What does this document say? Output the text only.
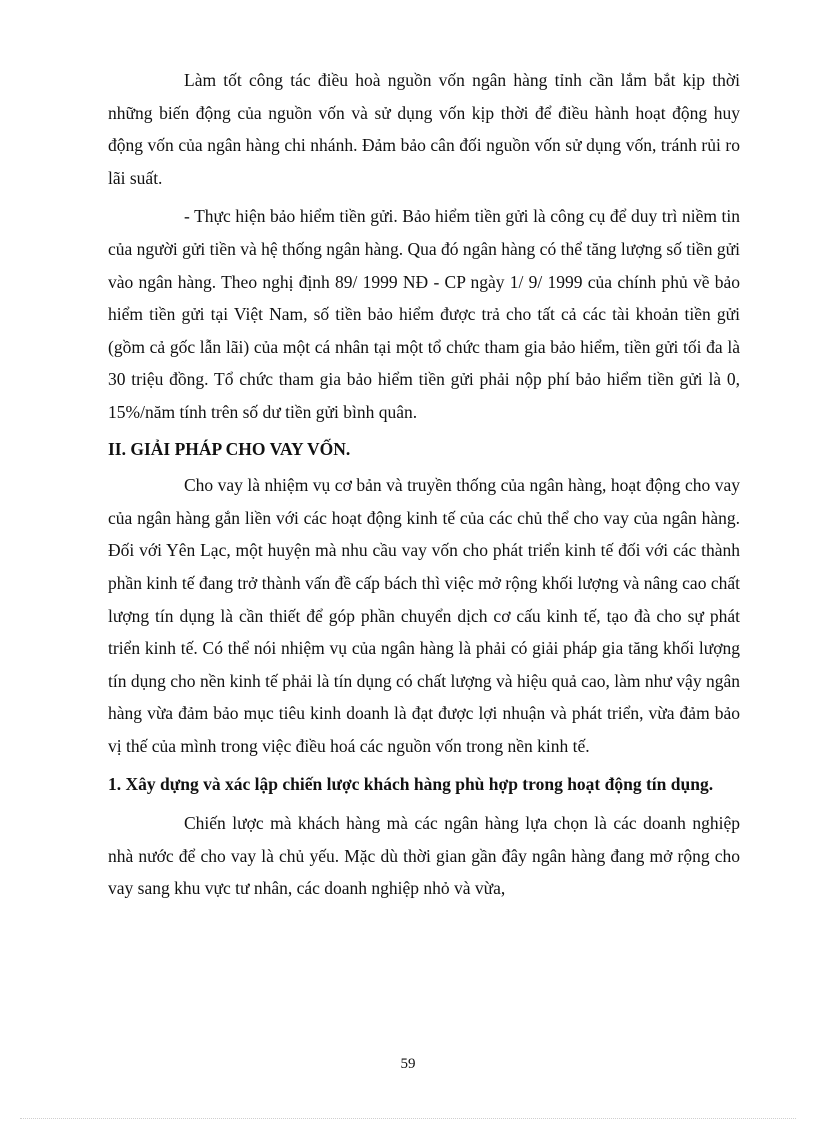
Làm tốt công tác điều hoà nguồn vốn ngân hàng tỉnh cần lắm bắt kịp thời những biến động của nguồn vốn và sử dụng vốn kịp thời để điều hành hoạt động huy động vốn của ngân hàng chi nhánh. Đảm bảo cân đối nguồn vốn sử dụng vốn, tránh rủi ro lãi suất.

- Thực hiện bảo hiểm tiền gửi. Bảo hiểm tiền gửi là công cụ để duy trì niềm tin của người gửi tiền và hệ thống ngân hàng. Qua đó ngân hàng có thể tăng lượng số tiền gửi vào ngân hàng. Theo nghị định 89/ 1999 NĐ - CP ngày 1/ 9/ 1999 của chính phủ về bảo hiểm tiền gửi tại Việt Nam, số tiền bảo hiểm được trả cho tất cả các tài khoản tiền gửi (gồm cả gốc lẫn lãi) của một cá nhân tại một tổ chức tham gia bảo hiểm, tiền gửi tối đa là 30 triệu đồng. Tổ chức tham gia bảo hiểm tiền gửi phải nộp phí bảo hiểm tiền gửi là 0, 15%/năm tính trên số dư tiền gửi bình quân.

II. GIẢI PHÁP CHO VAY VỐN.

Cho vay là nhiệm vụ cơ bản và truyền thống của ngân hàng, hoạt động cho vay của ngân hàng gắn liền với các hoạt động kinh tế của các chủ thể cho vay của ngân hàng. Đối với Yên Lạc, một huyện mà nhu cầu vay vốn cho phát triển kinh tế đối với các thành phần kinh tế đang trở thành vấn đề cấp bách thì việc mở rộng khối lượng và nâng cao chất lượng tín dụng là cần thiết để góp phần chuyển dịch cơ cấu kinh tế, tạo đà cho sự phát triển kinh tế. Có thể nói nhiệm vụ của ngân hàng là phải có giải pháp gia tăng khối lượng tín dụng cho nền kinh tế phải là tín dụng có chất lượng và hiệu quả cao, làm như vậy ngân hàng vừa đảm bảo mục tiêu kinh doanh là đạt được lợi nhuận và phát triển, vừa đảm bảo vị thế của mình trong việc điều hoá các nguồn vốn trong nền kinh tế.

1. Xây dựng và xác lập chiến lược khách hàng phù hợp trong hoạt động tín dụng.

Chiến lược mà khách hàng mà các ngân hàng lựa chọn là các doanh nghiệp nhà nước để cho vay là chủ yếu. Mặc dù thời gian gần đây ngân hàng đang mở rộng cho vay sang khu vực tư nhân, các doanh nghiệp nhỏ và vừa,

59
